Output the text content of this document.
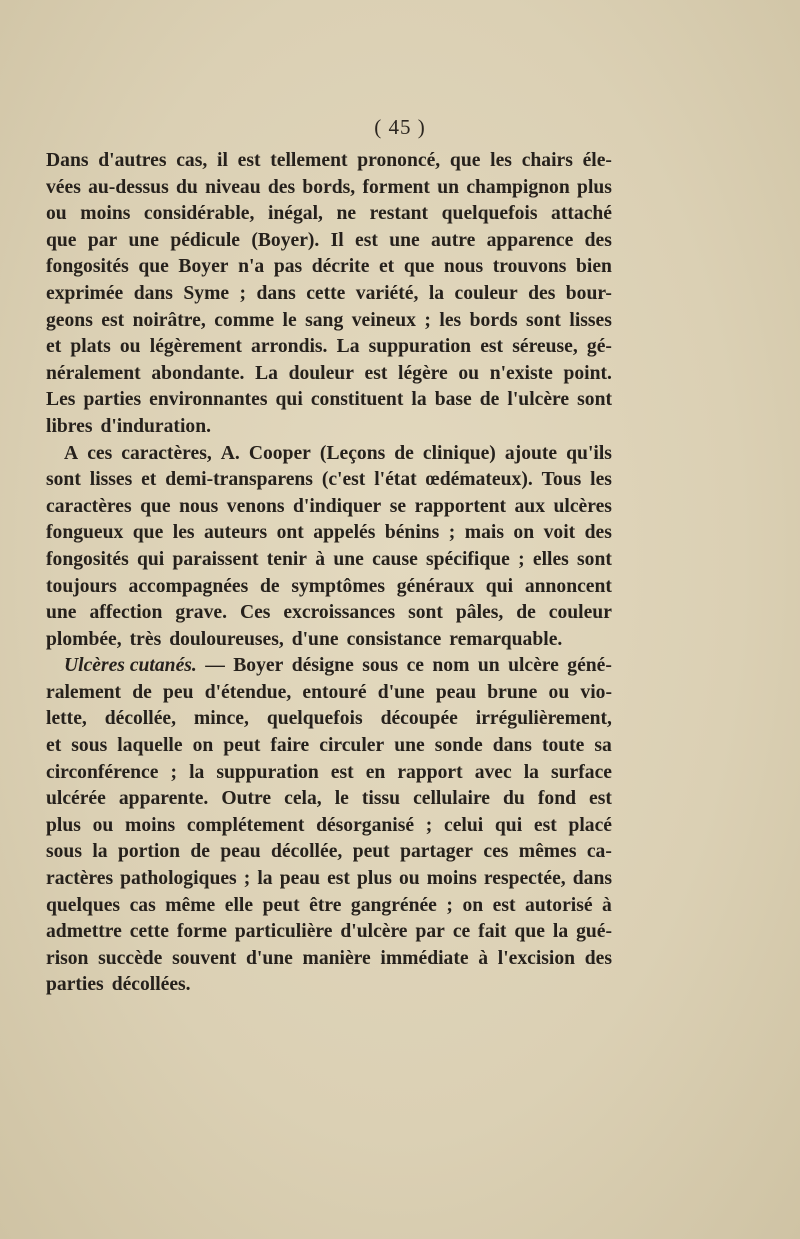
( 45 )
Dans d'autres cas, il est tellement prononcé, que les chairs éle-
vées au-dessus du niveau des bords, forment un champignon plus
ou moins considérable, inégal, ne restant quelquefois attaché
que par une pédicule (Boyer). Il est une autre apparence des
fongosités que Boyer n'a pas décrite et que nous trouvons bien
exprimée dans Syme ; dans cette variété, la couleur des bour-
geons est noirâtre, comme le sang veineux ; les bords sont lisses
et plats ou légèrement arrondis. La suppuration est séreuse, gé-
néralement abondante. La douleur est légère ou n'existe point.
Les parties environnantes qui constituent la base de l'ulcère sont
libres d'induration.
A ces caractères, A. Cooper (Leçons de clinique) ajoute qu'ils
sont lisses et demi-transparens (c'est l'état œdémateux). Tous les
caractères que nous venons d'indiquer se rapportent aux ulcères
fongueux que les auteurs ont appelés bénins ; mais on voit des
fongosités qui paraissent tenir à une cause spécifique ; elles sont
toujours accompagnées de symptômes généraux qui annoncent
une affection grave. Ces excroissances sont pâles, de couleur
plombée, très douloureuses, d'une consistance remarquable.
Ulcères cutanés. — Boyer désigne sous ce nom un ulcère géné-
ralement de peu d'étendue, entouré d'une peau brune ou vio-
lette, décollée, mince, quelquefois découpée irrégulièrement,
et sous laquelle on peut faire circuler une sonde dans toute sa
circonférence ; la suppuration est en rapport avec la surface
ulcérée apparente. Outre cela, le tissu cellulaire du fond est
plus ou moins complétement désorganisé ; celui qui est placé
sous la portion de peau décollée, peut partager ces mêmes ca-
ractères pathologiques ; la peau est plus ou moins respectée, dans
quelques cas même elle peut être gangrénée ; on est autorisé à
admettre cette forme particulière d'ulcère par ce fait que la gué-
rison succède souvent d'une manière immédiate à l'excision des
parties décollées.
